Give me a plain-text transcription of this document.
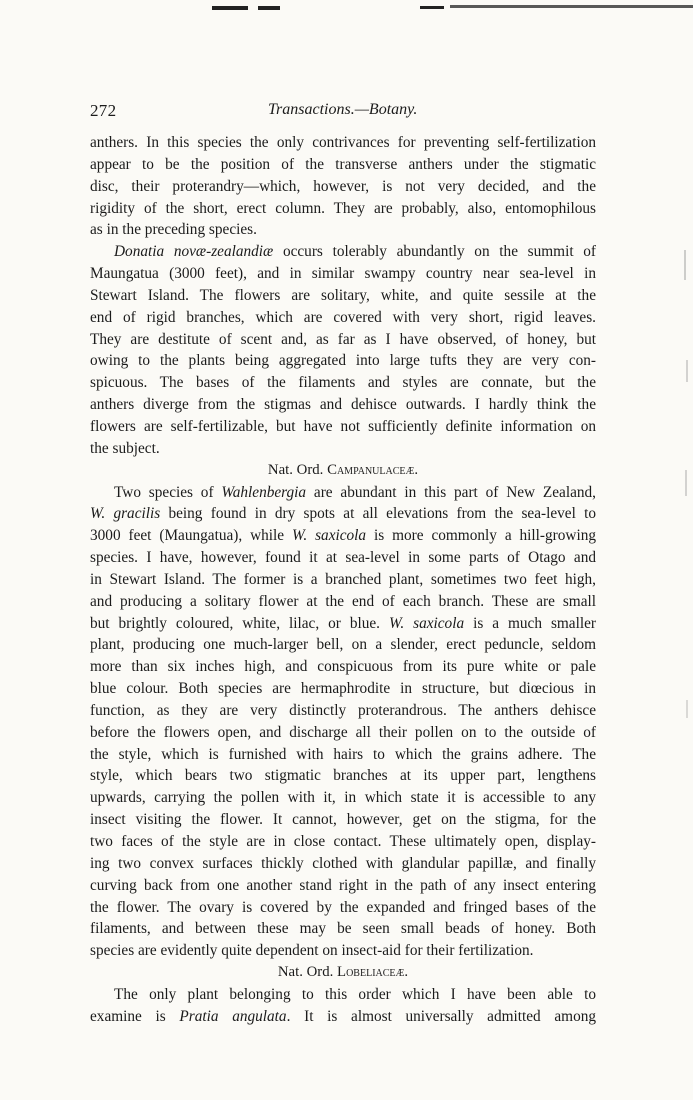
272	Transactions.—Botany.
anthers. In this species the only contrivances for preventing self-fertilization
appear to be the position of the transverse anthers under the stigmatic
disc, their proterandry—which, however, is not very decided, and the
rigidity of the short, erect column. They are probably, also, entomophilous
as in the preceding species.
Donatia novæ-zealandiæ occurs tolerably abundantly on the summit of
Maungatua (3000 feet), and in similar swampy country near sea-level in
Stewart Island. The flowers are solitary, white, and quite sessile at the
end of rigid branches, which are covered with very short, rigid leaves.
They are destitute of scent and, as far as I have observed, of honey, but
owing to the plants being aggregated into large tufts they are very con-
spicuous. The bases of the filaments and styles are connate, but the
anthers diverge from the stigmas and dehisce outwards. I hardly think the
flowers are self-fertilizable, but have not sufficiently definite information on
the subject.
Nat. Ord. Campanulaceæ.
Two species of Wahlenbergia are abundant in this part of New Zealand,
W. gracilis being found in dry spots at all elevations from the sea-level to
3000 feet (Maungatua), while W. saxicola is more commonly a hill-growing
species. I have, however, found it at sea-level in some parts of Otago and
in Stewart Island. The former is a branched plant, sometimes two feet high,
and producing a solitary flower at the end of each branch. These are small
but brightly coloured, white, lilac, or blue. W. saxicola is a much smaller
plant, producing one much-larger bell, on a slender, erect peduncle, seldom
more than six inches high, and conspicuous from its pure white or pale
blue colour. Both species are hermaphrodite in structure, but diœcious in
function, as they are very distinctly proterandrous. The anthers dehisce
before the flowers open, and discharge all their pollen on to the outside of
the style, which is furnished with hairs to which the grains adhere. The
style, which bears two stigmatic branches at its upper part, lengthens
upwards, carrying the pollen with it, in which state it is accessible to any
insect visiting the flower. It cannot, however, get on the stigma, for the
two faces of the style are in close contact. These ultimately open, display-
ing two convex surfaces thickly clothed with glandular papillæ, and finally
curving back from one another stand right in the path of any insect entering
the flower. The ovary is covered by the expanded and fringed bases of the
filaments, and between these may be seen small beads of honey. Both
species are evidently quite dependent on insect-aid for their fertilization.
Nat. Ord. Lobeliaceæ.
The only plant belonging to this order which I have been able to
examine is Pratia angulata. It is almost universally admitted among
